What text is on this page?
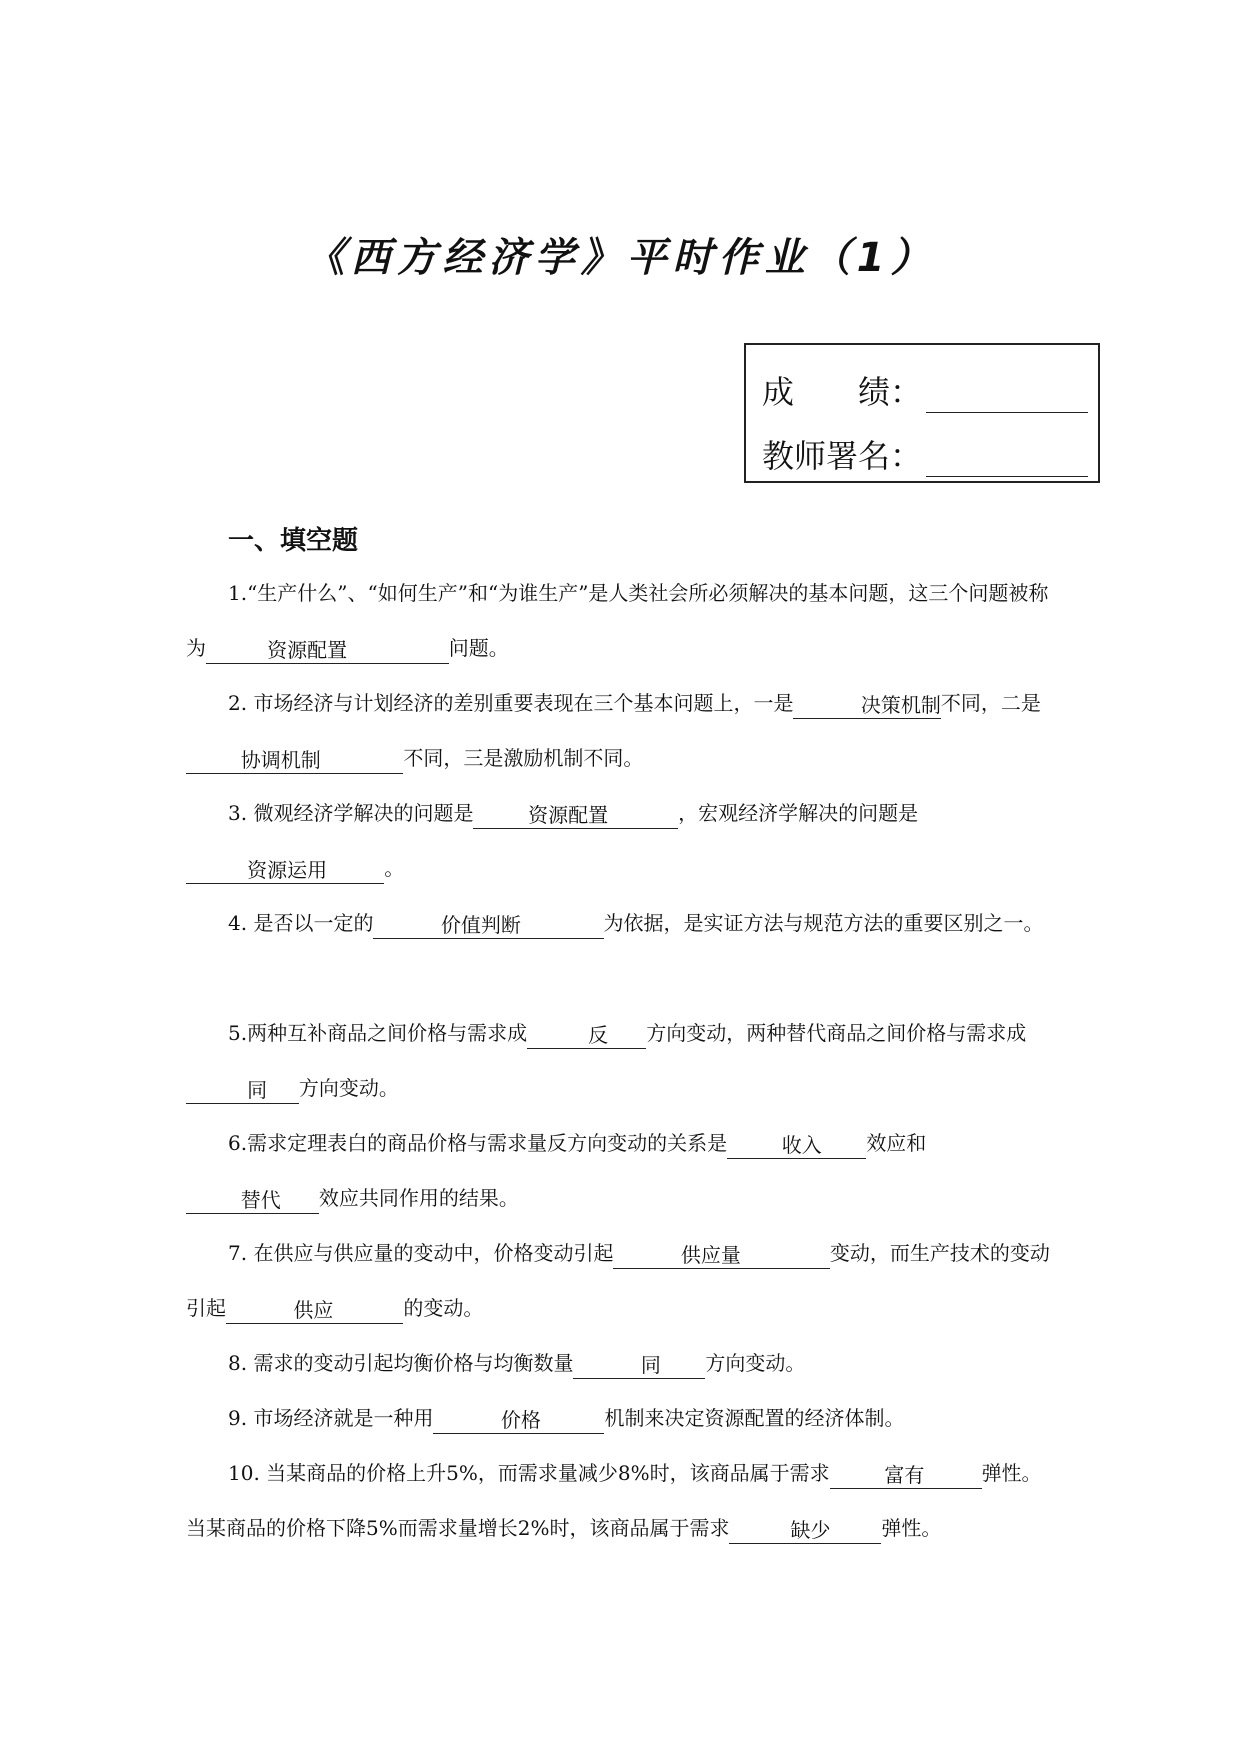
《西方经济学》平时作业（1）
成　　绩：
教师署名：
一、填空题

1.“生产什么”、“如何生产”和“为谁生产”是人类社会所必须解决的基本问题，这三个问题被称为   资源配置                问题。

2. 市场经济与计划经济的差别重要表现在三个基本问题上，一是    决策机制不同，二是  协调机制             不同，三是激励机制不同。

3. 微观经济学解决的问题是  资源配置           ，宏观经济学解决的问题是   资源运用         。

4. 是否以一定的    价值判断             为依据，是实证方法与规范方法的重要区别之一。

5.两种互补商品之间价格与需求成   反      方向变动，两种替代商品之间价格与需求成   同     方向变动。

6.需求定理表白的商品价格与需求量反方向变动的关系是  收入       效应和  替代      效应共同作用的结果。

7. 在供应与供应量的变动中，价格变动引起    供应量              变动，而生产技术的变动引起    供应           的变动。

8. 需求的变动引起均衡价格与均衡数量    同       方向变动。

9. 市场经济就是一种用    价格          机制来决定资源配置的经济体制。

10. 当某商品的价格上升5%，而需求量减少8%时，该商品属于需求  富有         弹性。当某商品的价格下降5%而需求量增长2%时，该商品属于需求   缺少        弹性。
